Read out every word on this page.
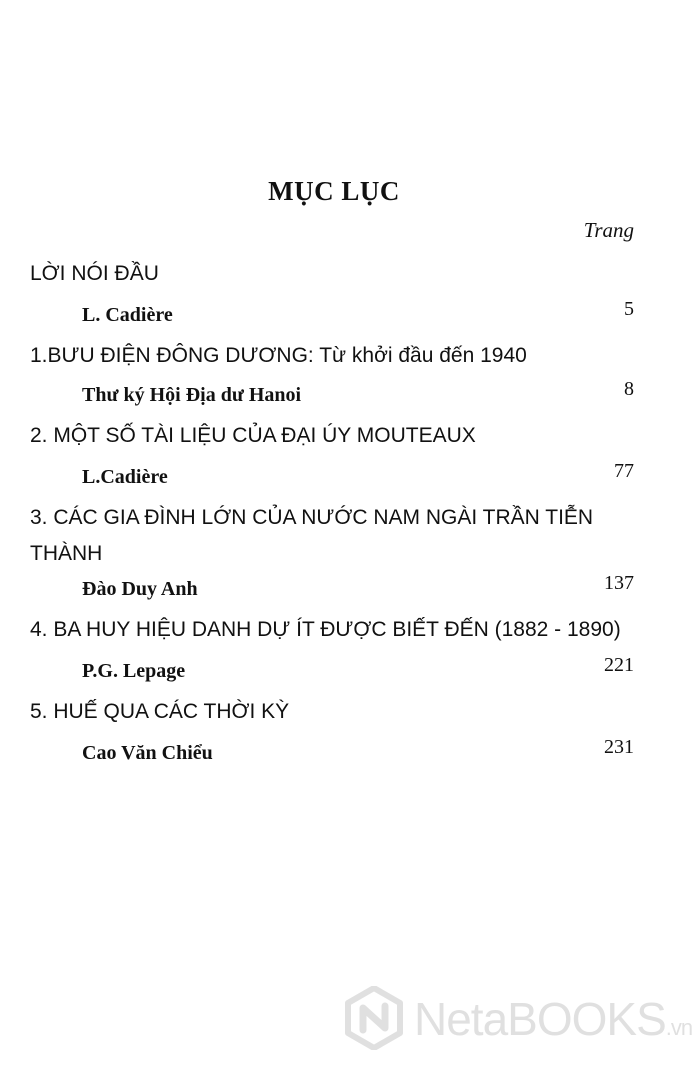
MỤC LỤC
Trang
LỜI NÓI ĐẦU
L. Cadière	5
1.BƯU ĐIỆN ĐÔNG DƯƠNG: Từ khởi đầu đến 1940
Thư ký Hội Địa dư Hanoi	8
2. MỘT SỐ TÀI LIỆU CỦA ĐẠI ÚY MOUTEAUX
L.Cadière	77
3. CÁC GIA ĐÌNH LỚN CỦA NƯỚC NAM NGÀI TRẦN TIỄN THÀNH
Đào Duy Anh	137
4. BA HUY HIỆU DANH DỰ ÍT ĐƯỢC BIẾT ĐẾN (1882 - 1890)
P.G. Lepage	221
5. HUẾ QUA CÁC THỜI KỲ
Cao Văn Chiểu	231
NetaBOOKS.vn
